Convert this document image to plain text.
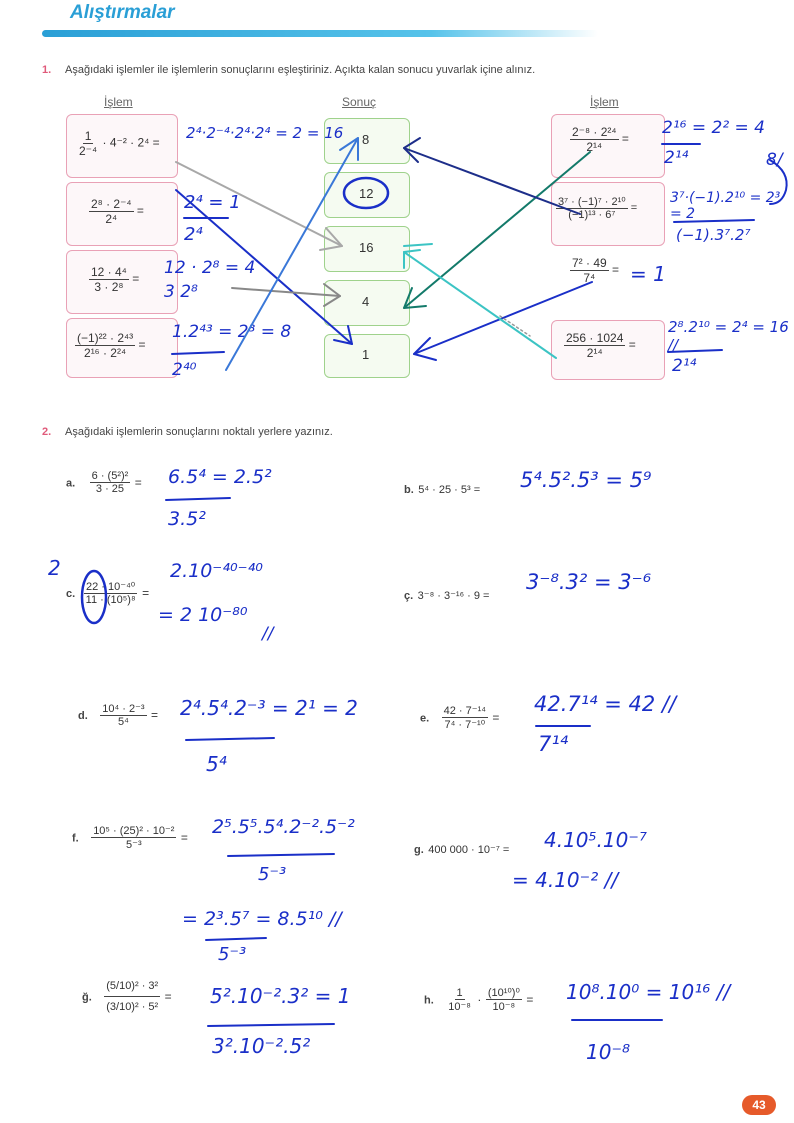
Alıştırmalar
1. Aşağıdaki işlemler ile işlemlerin sonuçlarını eşleştiriniz. Açıkta kalan sonucu yuvarlak içine alınız.
İşlem	Sonuç	İşlem
$\frac{1}{\text{2⁻⁴}} \cdot 4^{-2} \cdot 2^4$ =
$\frac{\text{2⁸ · 2⁻⁴}}{\text{2⁴}}$ =
$\frac{\text{12 · 4⁴}}{\text{3 · 2⁸}}$ =
$\frac{\text{(−1)²² · 2⁴³}}{\text{2¹⁶ · 2²⁴}}$ =
8
12
16
4
1
$\frac{\text{2⁻⁸ · 2²⁴}}{\text{2¹⁴}}$ =
$\frac{\text{3⁷ · (−1)⁷ · 2¹⁰}}{\text{(−1)¹³ · 6⁷}}$ =
$\frac{\text{7² · 49}}{\text{7⁴}}$ =
$\frac{256 \cdot 1024}{\text{2¹⁴}}$ =
2⁴·2⁻⁴·2⁴·2⁴ = 2 = 16
2⁴ = 1
2⁴
12 · 2⁸ = 4
3 2⁸
1.2⁴³ = 2³ = 8
2⁴⁰
2¹⁶ = 2² = 4
2¹⁴	8/
3⁷·(−1).2¹⁰ = 2³ = 2
(−1).3⁷.2⁷
= 1
2⁸.2¹⁰ = 2⁴ = 16 //
2¹⁴
2. Aşağıdaki işlemlerin sonuçlarını noktalı yerlere yazınız.
a. $\frac{\text{6 · (5²)²}}{3 \cdot 25} = 6.5^4 = 2.5^2$
3.5²
b. 5⁴ · 25 · 5³ = 5⁴.5².5³ = 5⁹
2
c. $\frac{\text{22 · 10⁻⁴⁰}}{\text{11 · (10⁵)⁸}}$ =
2.10⁻⁴⁰⁻⁴⁰
= 2 10⁻⁸⁰
//
ç. 3⁻⁸ · 3⁻¹⁶ · 9 =
3⁻⁸.3² = 3⁻⁶
d. $\frac{\text{10⁴ · 2⁻³}}{\text{5⁴}} = 2^4.5^4.2^{-3} = 2^1 = 2$
5⁴
e. $\frac{\text{42 · 7⁻¹⁴}}{\text{7⁴ · 7⁻¹⁰}}$ =
42.7¹⁴ = 42 //
7¹⁴
f. $\frac{\text{10⁵ · (25)² · 10⁻²}}{\text{5⁻³}} = 2^5.5^5.5^4.2^{-2}.5^{-2}$
5⁻³
= 2³.5⁷ = 8.5¹⁰ //
5⁻³
g. 400 000 · 10⁻⁷ = 4.10⁵.10⁻⁷
= 4.10⁻² //
ğ. $\frac{\text{(5/10)² · 3²}}{\text{(3/10)² · 5²}} = 5^2.10^{-2}.3^2 = 1$
3².10⁻².5²
h. $\frac{1}{\text{10⁻⁸}} \cdot \frac{\text{(10¹⁰)⁰}}{\text{10⁻⁸}} = 10^8.10^0 = 10^{16}$ //
10⁻⁸
43
